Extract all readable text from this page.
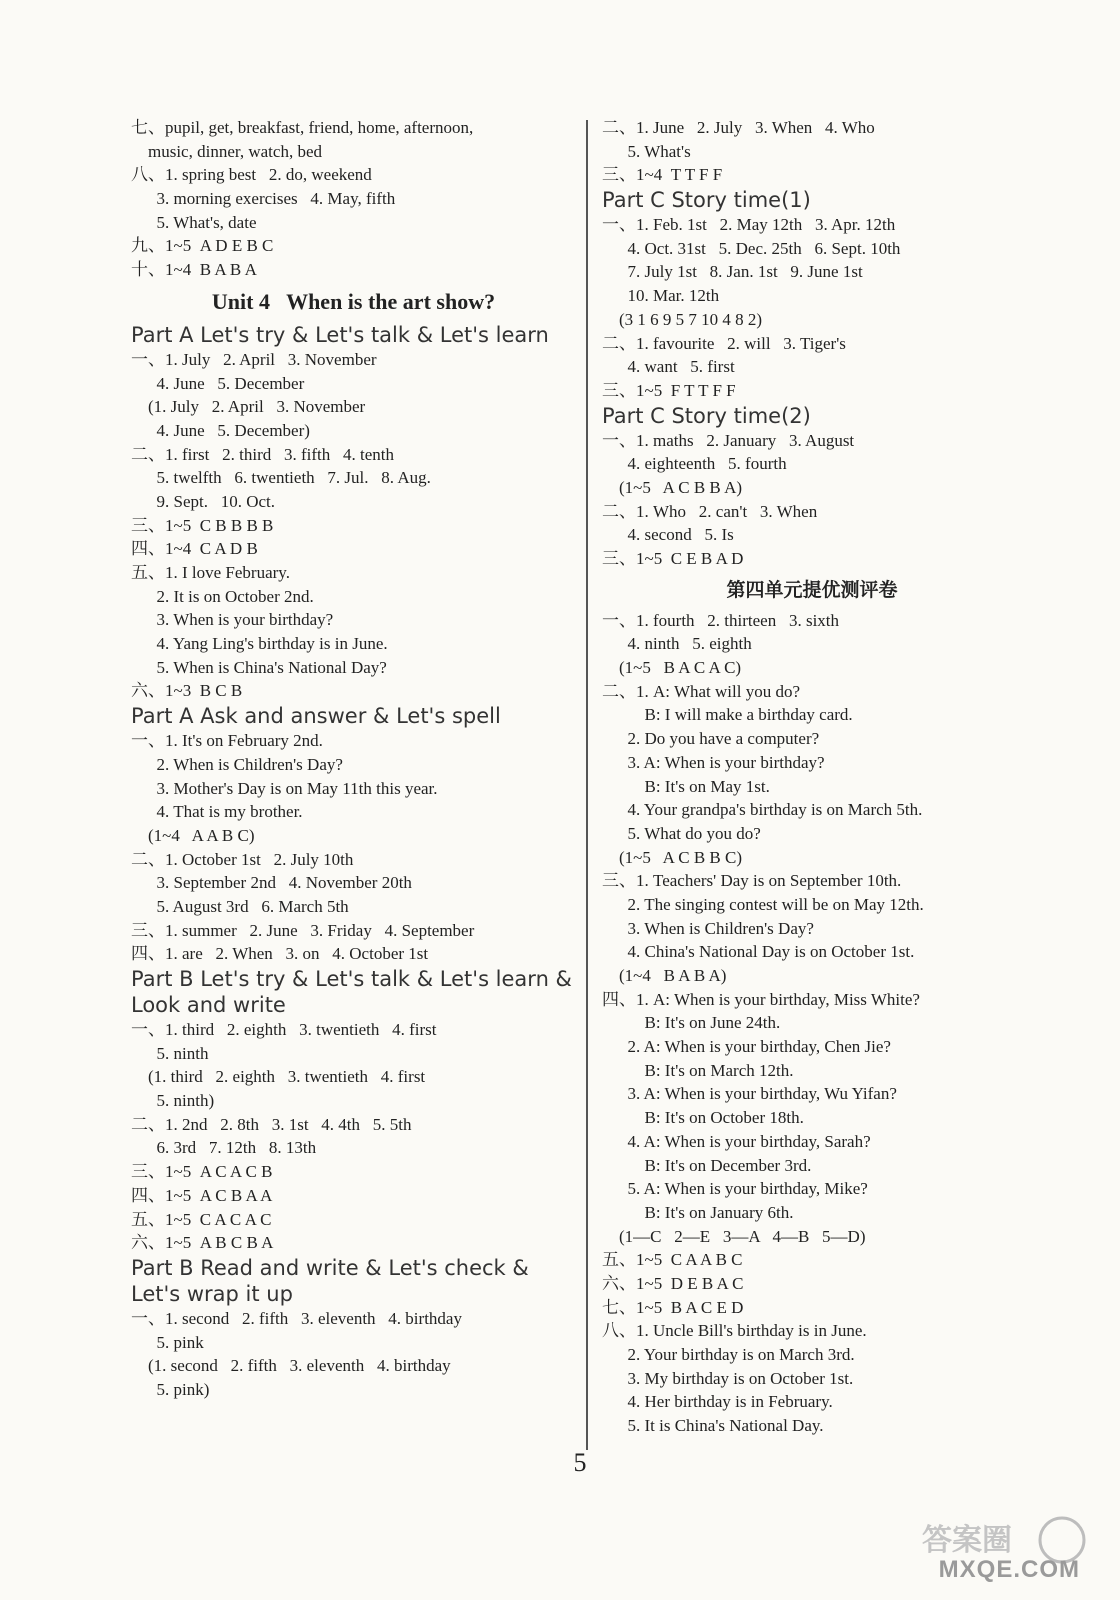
七、pupil, get, breakfast, friend, home, afternoon,
music, dinner, watch, bed
八、1. spring best   2. do, weekend
3. morning exercises   4. May, fifth
5. What's, date
九、1~5  A D E B C
十、1~4  B A B A
Unit 4   When is the art show?
Part A Let's try & Let's talk & Let's learn
一、1. July   2. April   3. November
4. June   5. December
(1. July   2. April   3. November
4. June   5. December)
二、1. first   2. third   3. fifth   4. tenth
5. twelfth   6. twentieth   7. Jul.   8. Aug.
9. Sept.   10. Oct.
三、1~5  C B B B B
四、1~4  C A D B
五、1. I love February.
2. It is on October 2nd.
3. When is your birthday?
4. Yang Ling's birthday is in June.
5. When is China's National Day?
六、1~3  B C B
Part A Ask and answer & Let's spell
一、1. It's on February 2nd.
2. When is Children's Day?
3. Mother's Day is on May 11th this year.
4. That is my brother.
(1~4   A A B C)
二、1. October 1st   2. July 10th
3. September 2nd   4. November 20th
5. August 3rd   6. March 5th
三、1. summer   2. June   3. Friday   4. September
四、1. are   2. When   3. on   4. October 1st
Part B Let's try & Let's talk & Let's learn & Look and write
一、1. third   2. eighth   3. twentieth   4. first
5. ninth
(1. third   2. eighth   3. twentieth   4. first
5. ninth)
二、1. 2nd   2. 8th   3. 1st   4. 4th   5. 5th
6. 3rd   7. 12th   8. 13th
三、1~5  A C A C B
四、1~5  A C B A A
五、1~5  C A C A C
六、1~5  A B C B A
Part B Read and write & Let's check & Let's wrap it up
一、1. second   2. fifth   3. eleventh   4. birthday
5. pink
(1. second   2. fifth   3. eleventh   4. birthday
5. pink)
二、1. June   2. July   3. When   4. Who
5. What's
三、1~4  T T F F
Part C Story time(1)
一、1. Feb. 1st   2. May 12th   3. Apr. 12th
4. Oct. 31st   5. Dec. 25th   6. Sept. 10th
7. July 1st   8. Jan. 1st   9. June 1st
10. Mar. 12th
(3 1 6 9 5 7 10 4 8 2)
二、1. favourite   2. will   3. Tiger's
4. want   5. first
三、1~5  F T T F F
Part C Story time(2)
一、1. maths   2. January   3. August
4. eighteenth   5. fourth
(1~5   A C B B A)
二、1. Who   2. can't   3. When
4. second   5. Is
三、1~5  C E B A D
第四单元提优测评卷
一、1. fourth   2. thirteen   3. sixth
4. ninth   5. eighth
(1~5   B A C A C)
二、1. A: What will you do?
B: I will make a birthday card.
2. Do you have a computer?
3. A: When is your birthday?
B: It's on May 1st.
4. Your grandpa's birthday is on March 5th.
5. What do you do?
(1~5   A C B B C)
三、1. Teachers' Day is on September 10th.
2. The singing contest will be on May 12th.
3. When is Children's Day?
4. China's National Day is on October 1st.
(1~4   B A B A)
四、1. A: When is your birthday, Miss White?
B: It's on June 24th.
2. A: When is your birthday, Chen Jie?
B: It's on March 12th.
3. A: When is your birthday, Wu Yifan?
B: It's on October 18th.
4. A: When is your birthday, Sarah?
B: It's on December 3rd.
5. A: When is your birthday, Mike?
B: It's on January 6th.
(1—C   2—E   3—A   4—B   5—D)
五、1~5  C A A B C
六、1~5  D E B A C
七、1~5  B A C E D
八、1. Uncle Bill's birthday is in June.
2. Your birthday is on March 3rd.
3. My birthday is on October 1st.
4. Her birthday is in February.
5. It is China's National Day.
5
答案圈
MXQE.COM
